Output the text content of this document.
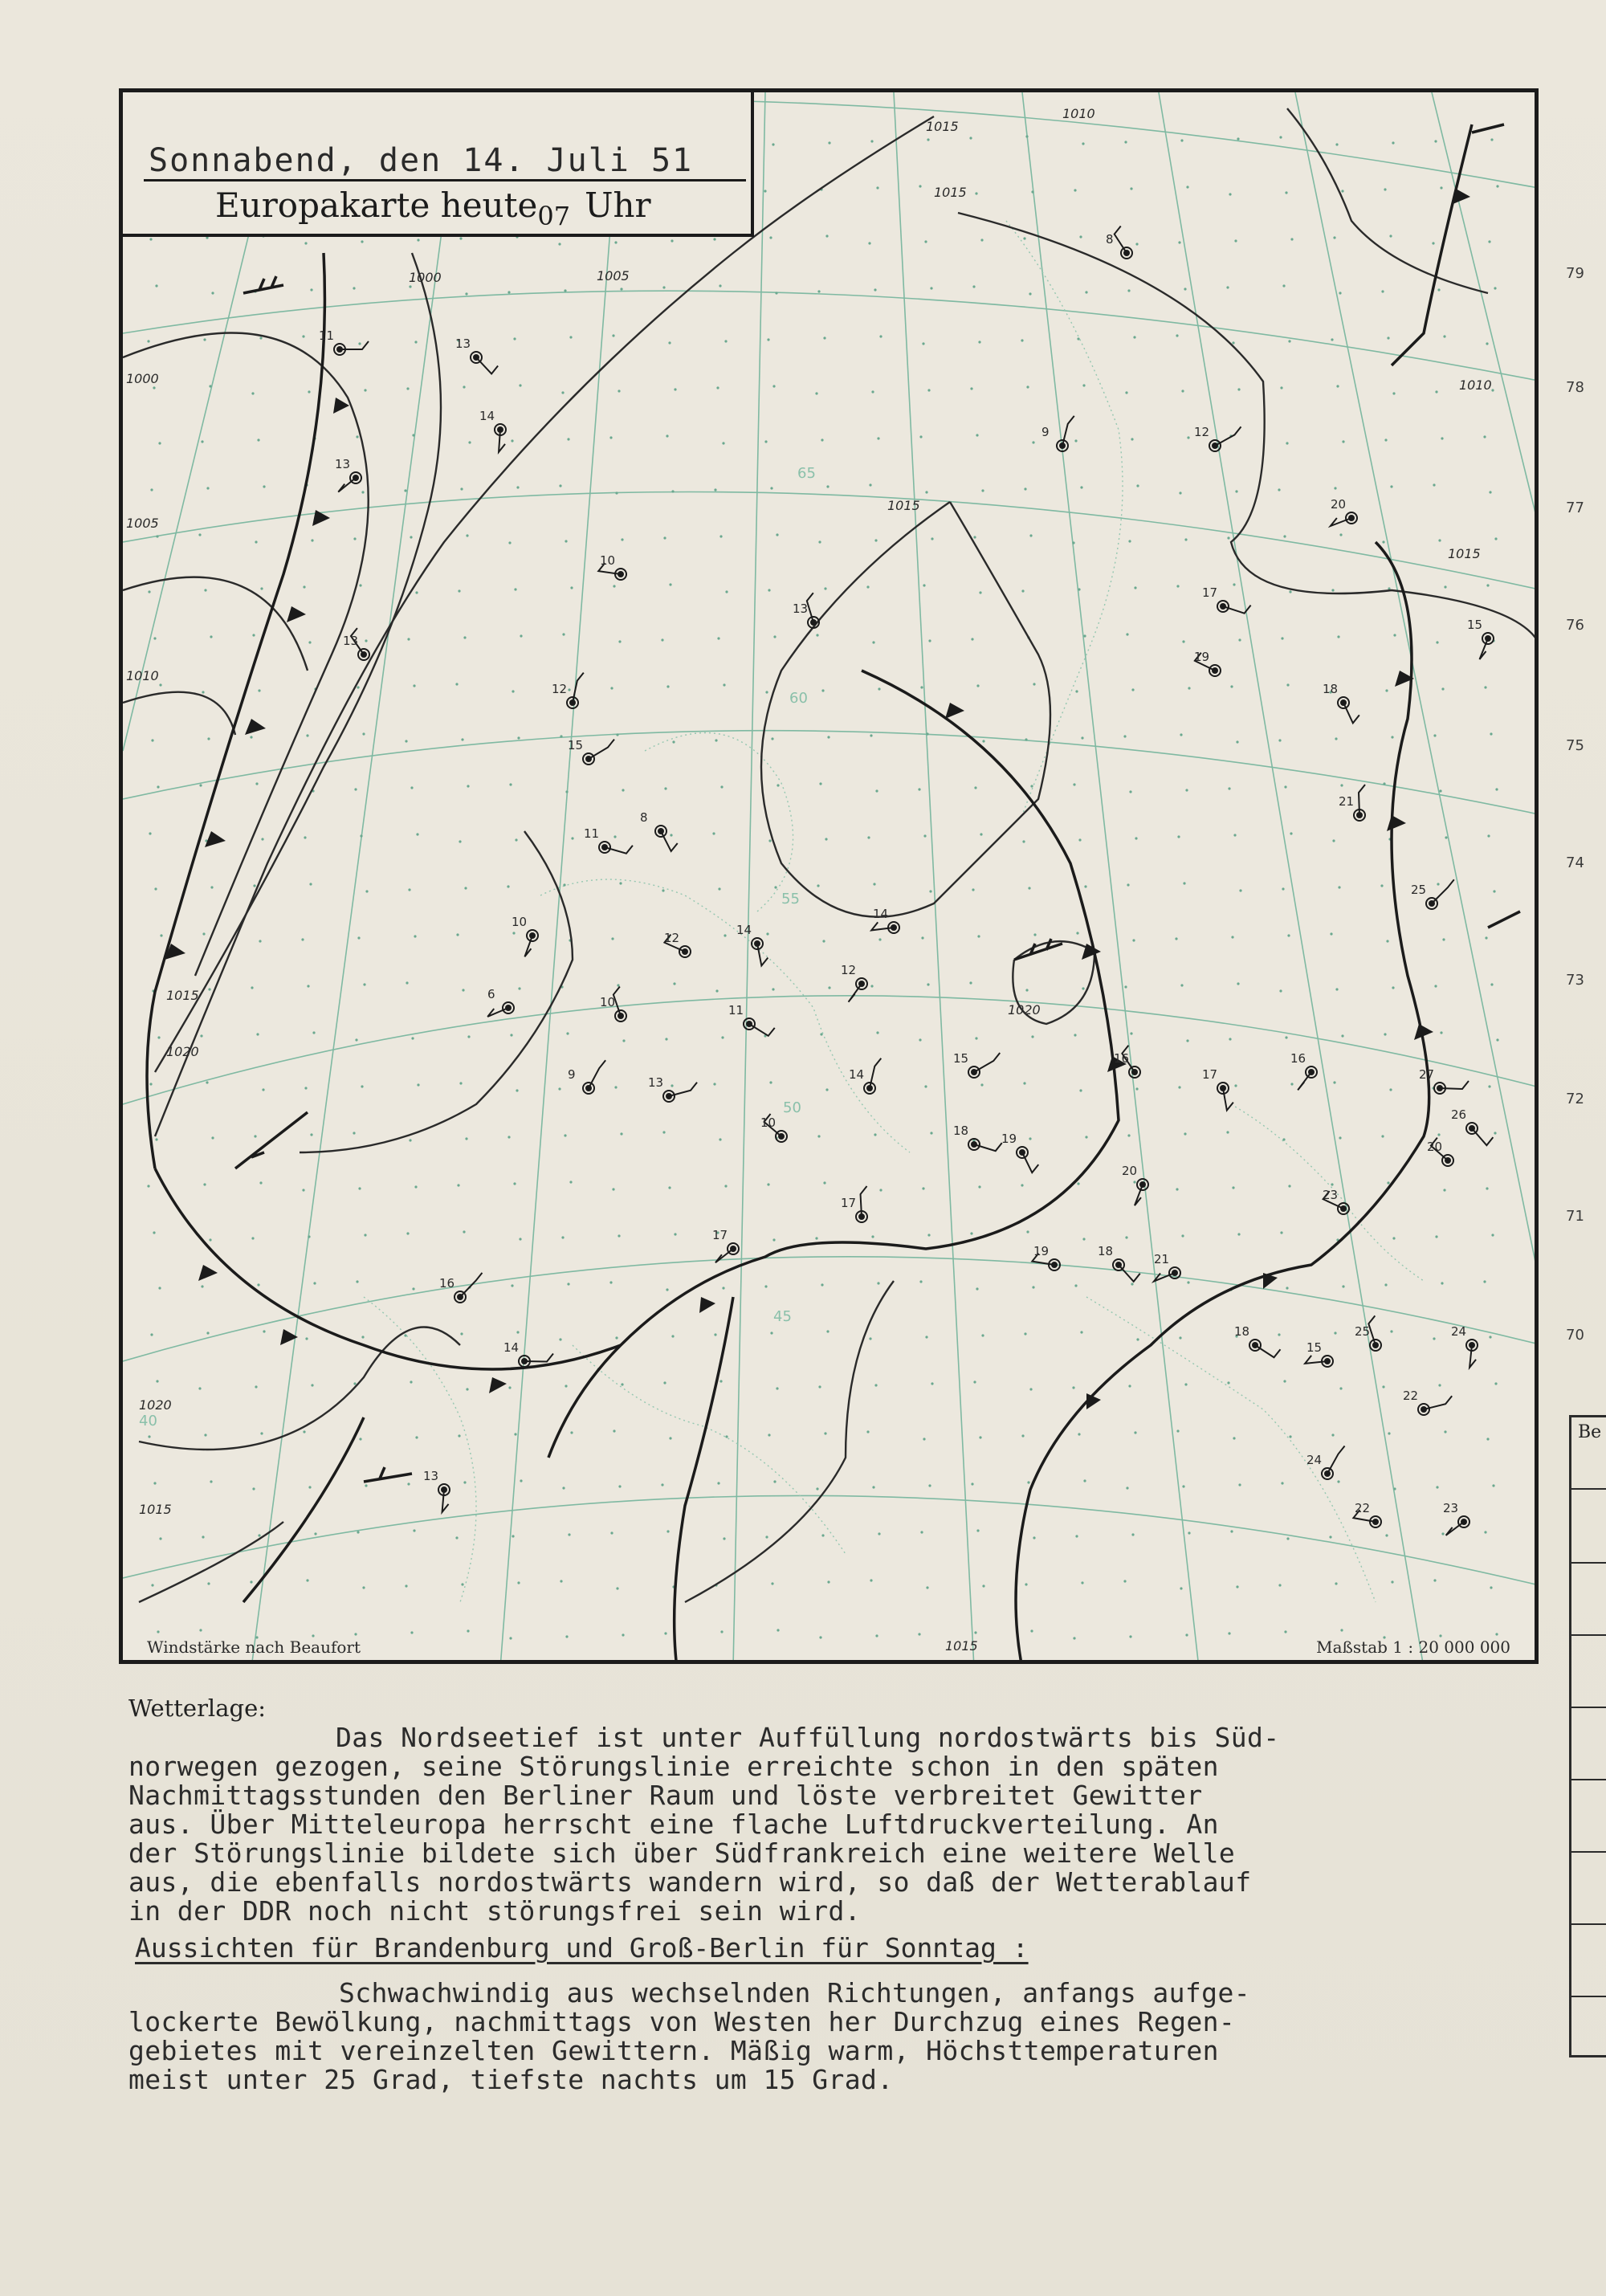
1015
1010
1015
1000	1005
1000
1005
1010
1015
1015
1010
1015
1020
1020
1020
1015
1015
65
60
55
50
45
40
11
13
14
13
10
13
12
15
11
8
10
6
12
10
9
13
11
14
12
14
10
17
16
14
18
13
17
19
16
14
15
18
19
20
21
23
25
24
22
18
17
16
15
20
21
25
27
26
24
23
22
8
9	12
17
18
15
20
19
13
Sonnabend, den 14. Juli 51
Europakarte heute$_{07}$ Uhr
Windstärke nach Beaufort	Maßstab 1 : 20 000 000
79
78
77
76
75
74
73
72
71
70
Be
Wetterlage:
Das Nordseetief ist unter Auffüllung nordostwärts bis Süd-
norwegen gezogen, seine Störungslinie erreichte schon in den späten
Nachmittagsstunden den Berliner Raum und löste verbreitet Gewitter
aus. Über Mitteleuropa herrscht eine flache Luftdruckverteilung. An
der Störungslinie bildete sich über Südfrankreich eine weitere Welle
aus, die ebenfalls nordostwärts wandern wird, so daß der Wetterablauf
in der DDR noch nicht störungsfrei sein wird.
Aussichten für Brandenburg und Groß-Berlin für Sonntag :
Schwachwindig aus wechselnden Richtungen, anfangs aufge-
lockerte Bewölkung, nachmittags von Westen her Durchzug eines Regen-
gebietes mit vereinzelten Gewittern. Mäßig warm, Höchsttemperaturen
meist unter 25 Grad, tiefste nachts um 15 Grad.
